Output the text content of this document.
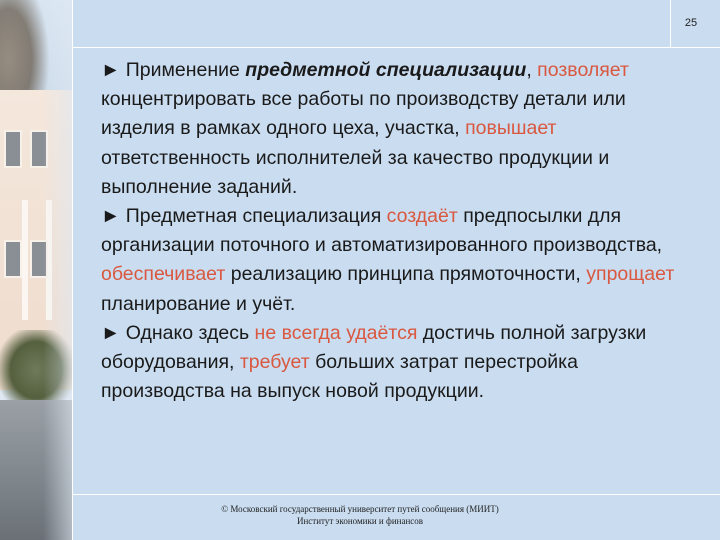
25

► Применение предметной специализации, позволяет концентрировать все работы по производству детали или изделия в рамках одного цеха, участка, повышает ответственность исполнителей за качество продукции и выполнение заданий.

► Предметная специализация создаёт предпосылки для организации поточного и автоматизированного производства, обеспечивает реализацию принципа прямоточности, упрощает планирование и учёт.

► Однако здесь не всегда удаётся достичь полной загрузки оборудования, требует больших затрат перестройка производства на выпуск новой продукции.

© Московский государственный университет путей сообщения (МИИТ)
Институт экономики и финансов
